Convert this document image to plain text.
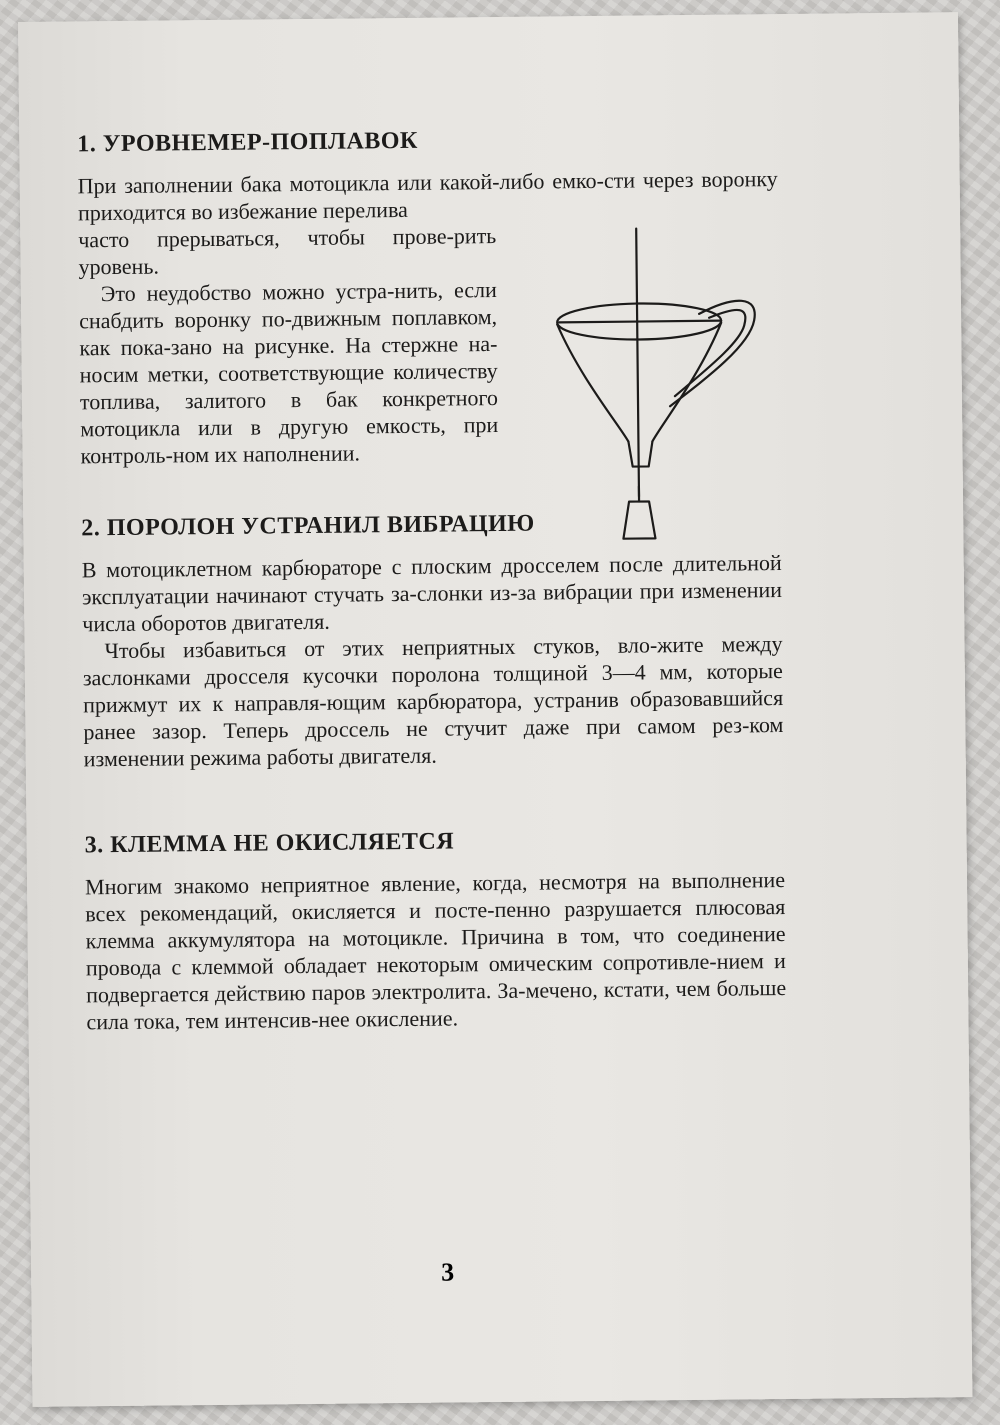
1. УРОВНЕМЕР-ПОПЛАВОК

При заполнении бака мотоцикла или какой-либо емко-сти через воронку приходится во избежание перелива

часто прерываться, чтобы прове-рить уровень.

Это неудобство можно устра-нить, если снабдить воронку по-движным поплавком, как пока-зано на рисунке. На стержне на-носим метки, соответствующие количеству топлива, залитого в бак конкретного мотоцикла или в другую емкость, при контроль-ном их наполнении.

2. ПОРОЛОН УСТРАНИЛ ВИБРАЦИЮ

В мотоциклетном карбюраторе с плоским дросселем после длительной эксплуатации начинают стучать за-слонки из-за вибрации при изменении числа оборотов двигателя.

Чтобы избавиться от этих неприятных стуков, вло-жите между заслонками дросселя кусочки поролона толщиной 3—4 мм, которые прижмут их к направля-ющим карбюратора, устранив образовавшийся ранее зазор. Теперь дроссель не стучит даже при самом рез-ком изменении режима работы двигателя.

3. КЛЕММА НЕ ОКИСЛЯЕТСЯ

Многим знакомо неприятное явление, когда, несмотря на выполнение всех рекомендаций, окисляется и посте-пенно разрушается плюсовая клемма аккумулятора на мотоцикле. Причина в том, что соединение провода с клеммой обладает некоторым омическим сопротивле-нием и подвергается действию паров электролита. За-мечено, кстати, чем больше сила тока, тем интенсив-нее окисление.

3
